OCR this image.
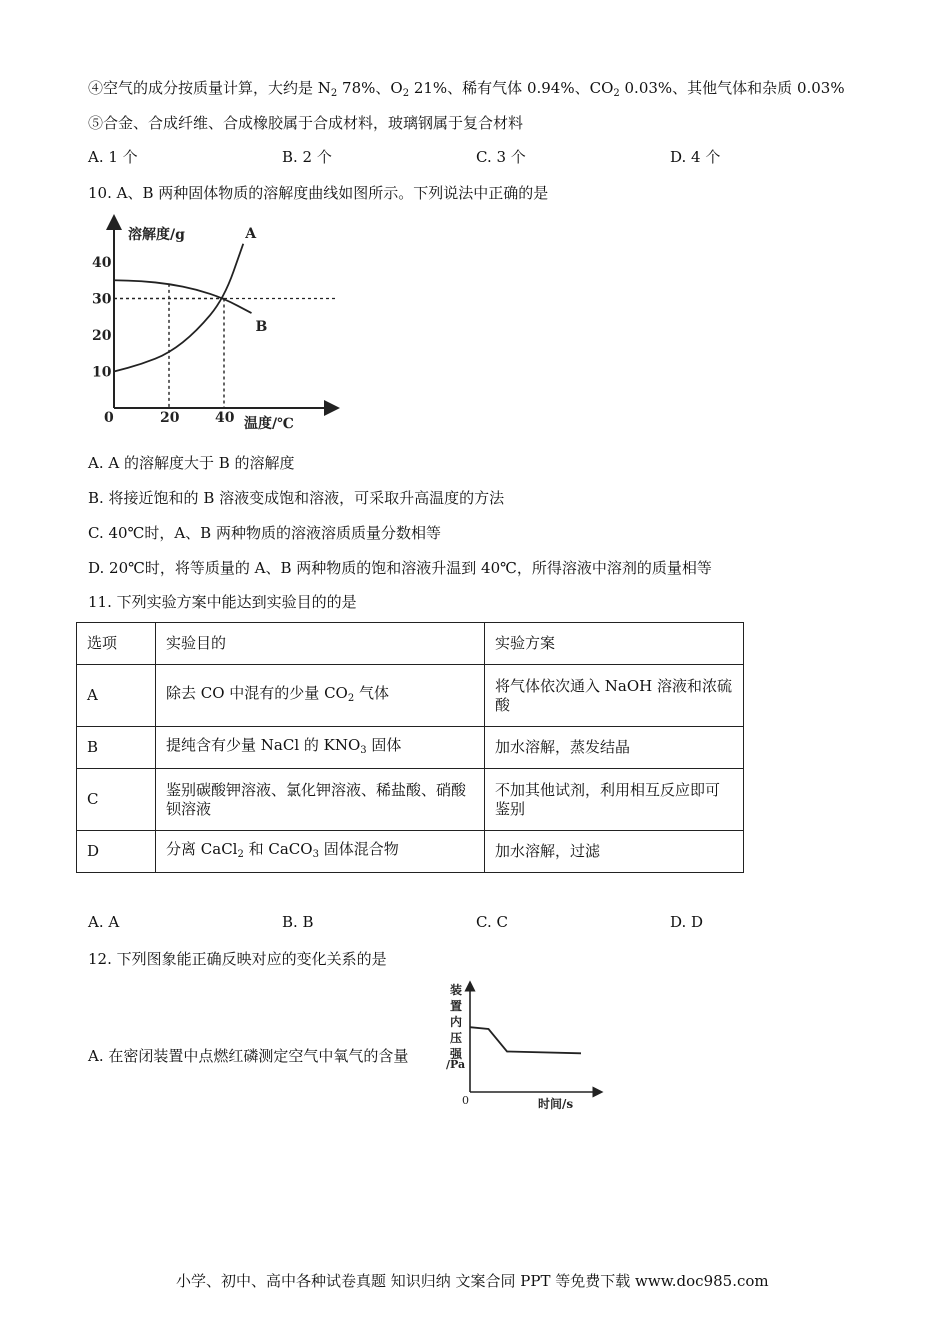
④空气的成分按质量计算，大约是 $N_2$ 78%、$O_2$ 21%、稀有气体 0.94%、$CO_2$ 0.03%、其他气体和杂质 0.03%
⑤合金、合成纤维、合成橡胶属于合成材料，玻璃钢属于复合材料
A. 1 个	B. 2 个	C. 3 个	D. 4 个
10. A、B 两种固体物质的溶解度曲线如图所示。下列说法中正确的是
溶解度/g
温度/℃
0
10
20
30
40
20	40
A
B
A. A 的溶解度大于 B 的溶解度
B. 将接近饱和的 B 溶液变成饱和溶液，可采取升高温度的方法
C. 40℃时，A、B 两种物质的溶液溶质质量分数相等
D. 20℃时，将等质量的 A、B 两种物质的饱和溶液升温到 40℃，所得溶液中溶剂的质量相等
11. 下列实验方案中能达到实验目的的是
选项	实验目的	实验方案
A	除去 CO 中混有的少量 $CO_2$ 气体	将气体依次通入 NaOH 溶液和浓硫酸
B	提纯含有少量 NaCl 的 $KNO_3$ 固体	加水溶解，蒸发结晶
C	鉴别碳酸钾溶液、氯化钾溶液、稀盐酸、硝酸钡溶液	不加其他试剂，利用相互反应即可鉴别
D	分离 CaCl$_2$ 和 CaCO$_3$ 固体混合物	加水溶解，过滤
A. A	B. B	C. C	D. D
12. 下列图象能正确反映对应的变化关系的是
A. 在密闭装置中点燃红磷测定空气中氧气的含量
装 置 内 压 强 /Pa
0	时间/s
小学、初中、高中各种试卷真题 知识归纳 文案合同 PPT 等免费下载 www.doc985.com
